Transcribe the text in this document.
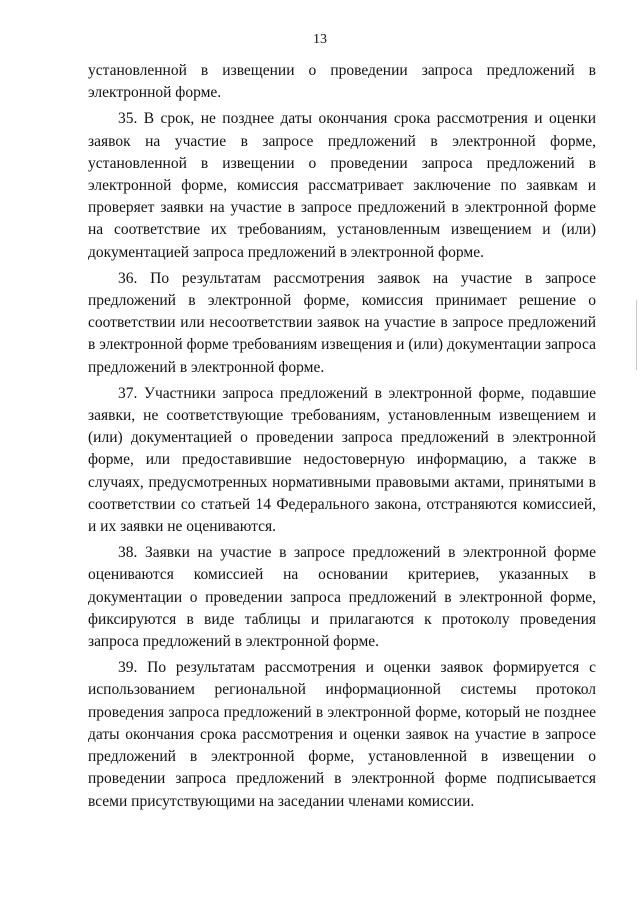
13

установленной в извещении о проведении запроса предложений в электронной форме.

35. В срок, не позднее даты окончания срока рассмотрения и оценки заявок на участие в запросе предложений в электронной форме, установленной в извещении о проведении запроса предложений в электронной форме, комиссия рассматривает заключение по заявкам и проверяет заявки на участие в запросе предложений в электронной форме на соответствие их требованиям, установленным извещением и (или) документацией запроса предложений в электронной форме.

36. По результатам рассмотрения заявок на участие в запросе предложений в электронной форме, комиссия принимает решение о соответствии или несоответствии заявок на участие в запросе предложений в электронной форме требованиям извещения и (или) документации запроса предложений в электронной форме.

37. Участники запроса предложений в электронной форме, подавшие заявки, не соответствующие требованиям, установленным извещением и (или) документацией о проведении запроса предложений в электронной форме, или предоставившие недостоверную информацию, а также в случаях, предусмотренных нормативными правовыми актами, принятыми в соответствии со статьей 14 Федерального закона, отстраняются комиссией, и их заявки не оцениваются.

38. Заявки на участие в запросе предложений в электронной форме оцениваются комиссией на основании критериев, указанных в документации о проведении запроса предложений в электронной форме, фиксируются в виде таблицы и прилагаются к протоколу проведения запроса предложений в электронной форме.

39. По результатам рассмотрения и оценки заявок формируется с использованием региональной информационной системы протокол проведения запроса предложений в электронной форме, который не позднее даты окончания срока рассмотрения и оценки заявок на участие в запросе предложений в электронной форме, установленной в извещении о проведении запроса предложений в электронной форме подписывается всеми присутствующими на заседании членами комиссии.
